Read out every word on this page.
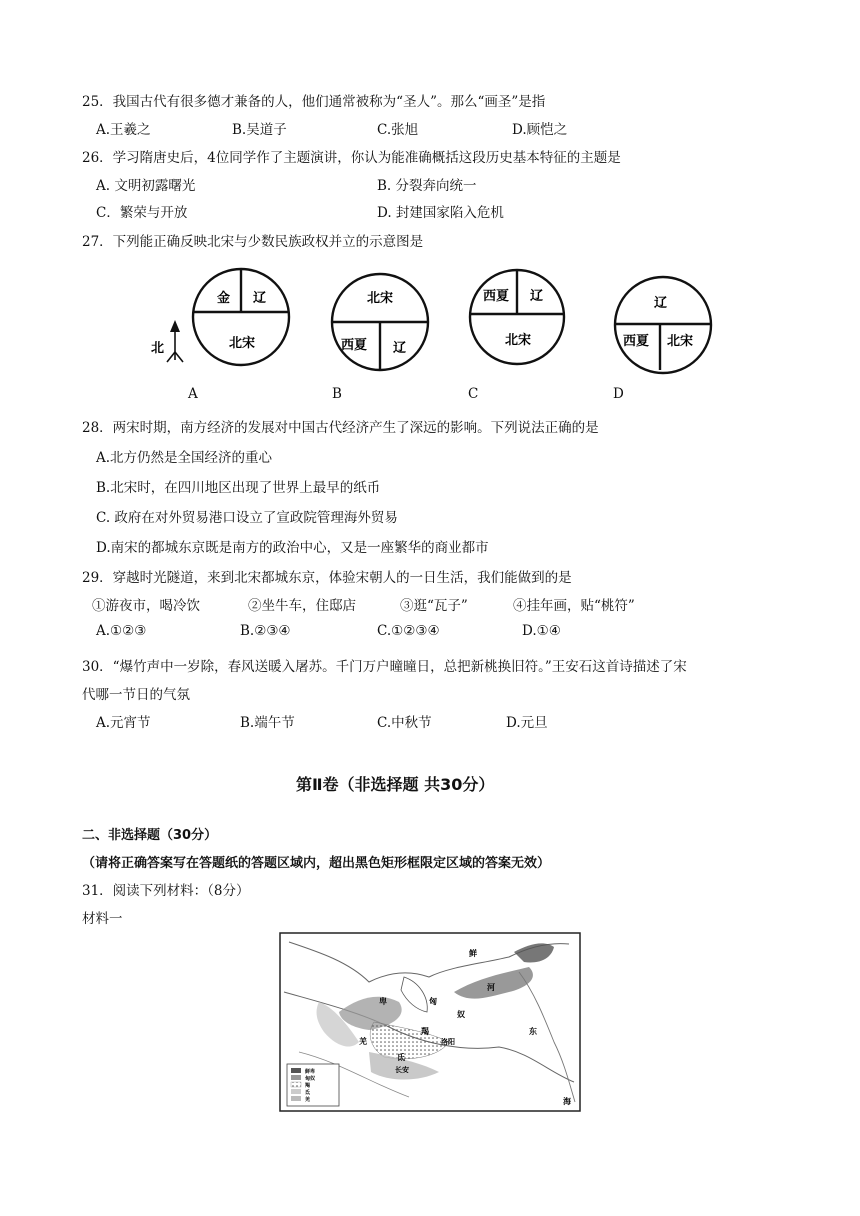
25．我国古代有很多德才兼备的人，他们通常被称为“圣人”。那么“画圣”是指
A.王羲之	B.吴道子	C.张旭	D.顾恺之
26．学习隋唐史后，4位同学作了主题演讲，你认为能准确概括这段历史基本特征的主题是
A. 文明初露曙光	B. 分裂奔向统一
C．繁荣与开放	D. 封建国家陷入危机
27．下列能正确反映北宋与少数民族政权并立的示意图是
北
金 辽
北宋
北宋
西夏 辽
西夏 辽
北宋
辽
西夏 北宋
A	B	C	D
28．两宋时期，南方经济的发展对中国古代经济产生了深远的影响。下列说法正确的是
A.北方仍然是全国经济的重心
B.北宋时，在四川地区出现了世界上最早的纸币
C. 政府在对外贸易港口设立了宣政院管理海外贸易
D.南宋的都城东京既是南方的政治中心，又是一座繁华的商业都市
29．穿越时光隧道，来到北宋都城东京，体验宋朝人的一日生活，我们能做到的是
①游夜市，喝冷饮	②坐牛车，住邸店	③逛“瓦子”	④挂年画，贴“桃符”
A.①②③	B.②③④	C.①②③④	D.①④
30．“爆竹声中一岁除，春风送暖入屠苏。千门万户曈曈日，总把新桃换旧符。”王安石这首诗描述了宋
代哪一节日的气氛
A.元宵节	B.端午节	C.中秋节	D.元旦
第Ⅱ卷（非选择题 共30分）
二、非选择题（30分）
（请将正确答案写在答题纸的答题区域内，超出黑色矩形框限定区域的答案无效）
31．阅读下列材料：（8分）
材料一
鲜
卑	匈
奴
羯
氐
羌	洛阳
长安
河
东
海
鲜卑
匈奴
羯
氐
羌
